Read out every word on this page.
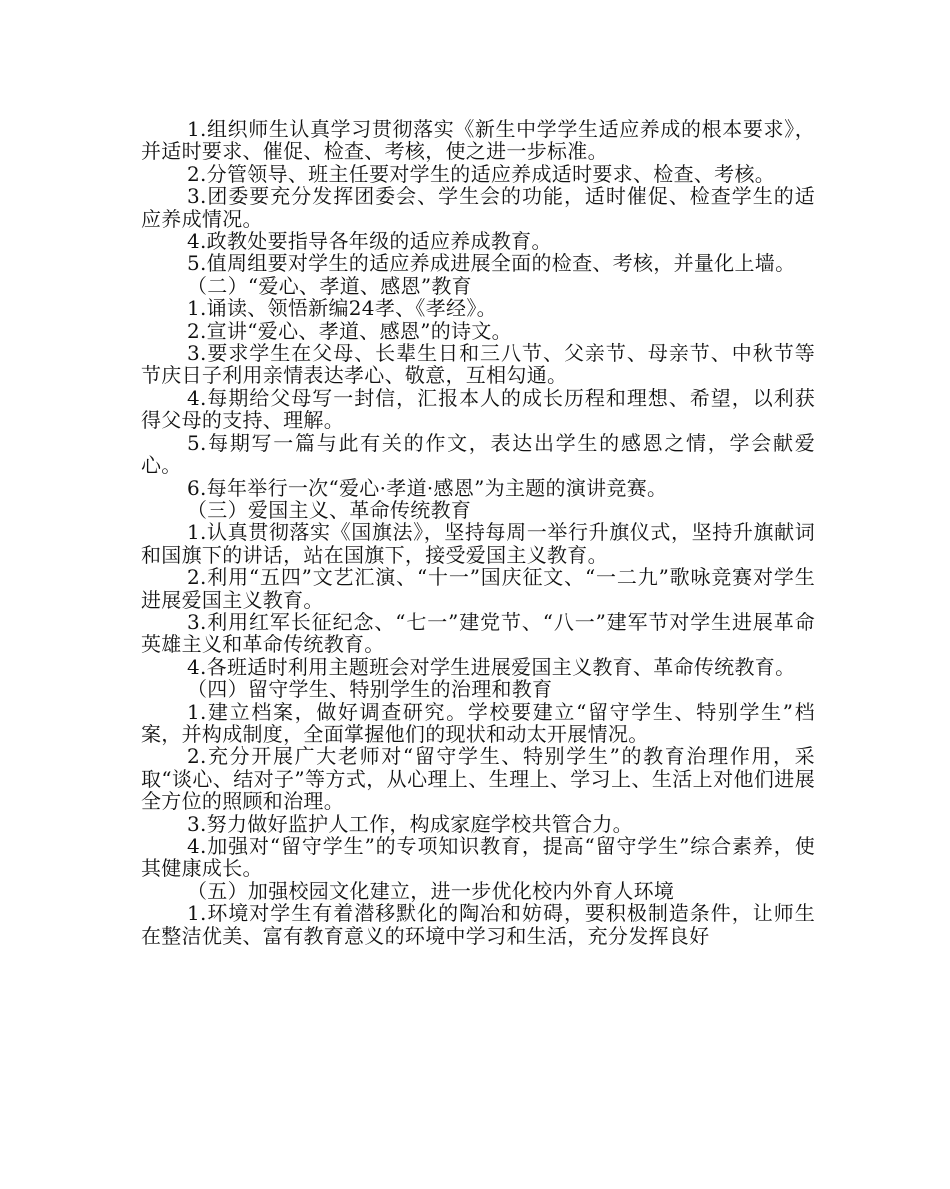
1.组织师生认真学习贯彻落实《新生中学学生适应养成的根本要求》，并适时要求、催促、检查、考核，使之进一步标准。

2.分管领导、班主任要对学生的适应养成适时要求、检查、考核。

3.团委要充分发挥团委会、学生会的功能，适时催促、检查学生的适应养成情况。

4.政教处要指导各年级的适应养成教育。

5.值周组要对学生的适应养成进展全面的检查、考核，并量化上墙。

（二）“爱心、孝道、感恩”教育

1.诵读、领悟新编24孝、《孝经》。

2.宣讲“爱心、孝道、感恩”的诗文。

3.要求学生在父母、长辈生日和三八节、父亲节、母亲节、中秋节等节庆日子利用亲情表达孝心、敬意，互相勾通。

4.每期给父母写一封信，汇报本人的成长历程和理想、希望，以利获得父母的支持、理解。

5.每期写一篇与此有关的作文，表达出学生的感恩之情，学会献爱心。

6.每年举行一次“爱心·孝道·感恩”为主题的演讲竞赛。

（三）爱国主义、革命传统教育

1.认真贯彻落实《国旗法》，坚持每周一举行升旗仪式，坚持升旗献词和国旗下的讲话，站在国旗下，接受爱国主义教育。

2.利用“五四”文艺汇演、“十一”国庆征文、“一二九”歌咏竞赛对学生进展爱国主义教育。

3.利用红军长征纪念、“七一”建党节、“八一”建军节对学生进展革命英雄主义和革命传统教育。

4.各班适时利用主题班会对学生进展爱国主义教育、革命传统教育。

（四）留守学生、特别学生的治理和教育

1.建立档案，做好调查研究。学校要建立“留守学生、特别学生”档案，并构成制度，全面掌握他们的现状和动太开展情况。

2.充分开展广大老师对“留守学生、特别学生”的教育治理作用，采取“谈心、结对子”等方式，从心理上、生理上、学习上、生活上对他们进展全方位的照顾和治理。

3.努力做好监护人工作，构成家庭学校共管合力。

4.加强对“留守学生”的专项知识教育，提高“留守学生”综合素养，使其健康成长。

（五）加强校园文化建立，进一步优化校内外育人环境

1.环境对学生有着潜移默化的陶冶和妨碍，要积极制造条件，让师生在整洁优美、富有教育意义的环境中学习和生活，充分发挥良好
